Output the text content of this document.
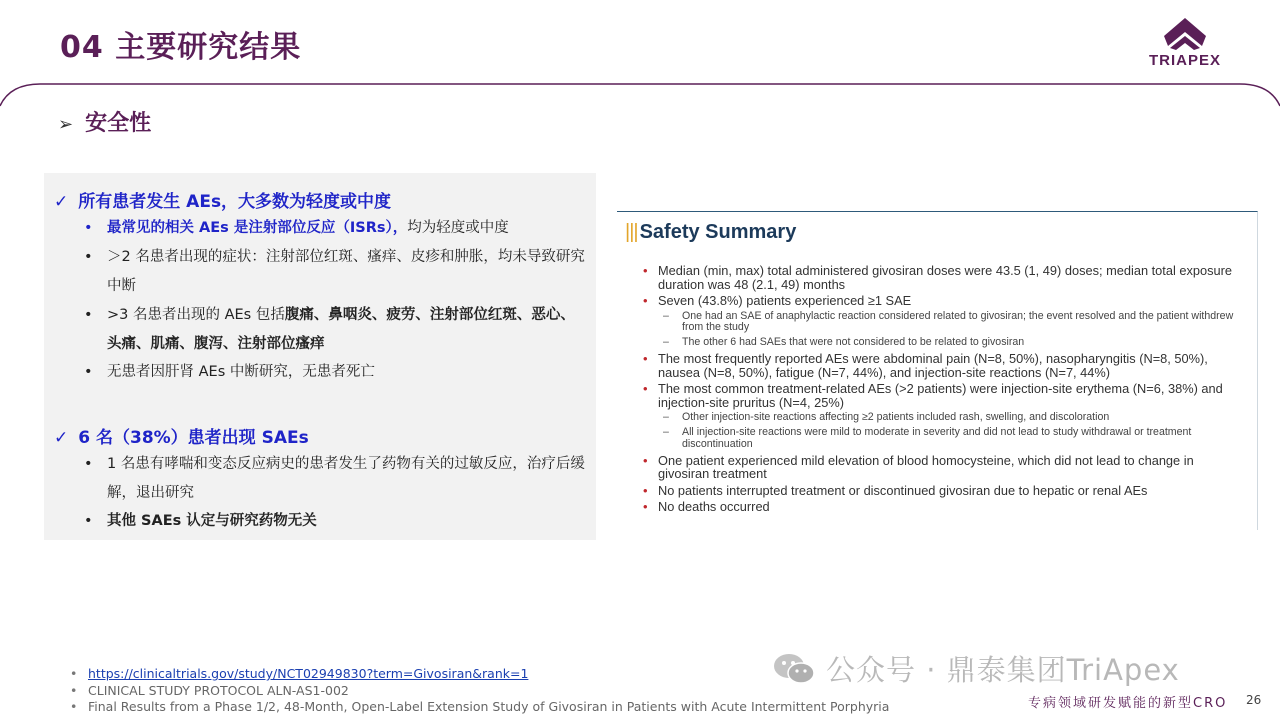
04 主要研究结果	TRIAPEX
➢ 安全性
✓ 所有患者发生 AEs，大多数为轻度或中度
• 最常见的相关 AEs 是注射部位反应（ISRs），均为轻度或中度
• ＞2 名患者出现的症状：注射部位红斑、瘙痒、皮疹和肿胀，均未导致研究中断
• >3 名患者出现的 AEs 包括腹痛、鼻咽炎、疲劳、注射部位红斑、恶心、头痛、肌痛、腹泻、注射部位瘙痒
• 无患者因肝肾 AEs 中断研究，无患者死亡
✓ 6 名（38%）患者出现 SAEs
• 1 名患有哮喘和变态反应病史的患者发生了药物有关的过敏反应，治疗后缓解，退出研究
• 其他 SAEs 认定与研究药物无关
||| Safety Summary
• Median (min, max) total administered givosiran doses were 43.5 (1, 49) doses; median total exposure duration was 48 (2.1, 49) months
• Seven (43.8%) patients experienced ≥1 SAE
– One had an SAE of anaphylactic reaction considered related to givosiran; the event resolved and the patient withdrew from the study
– The other 6 had SAEs that were not considered to be related to givosiran
• The most frequently reported AEs were abdominal pain (N=8, 50%), nasopharyngitis (N=8, 50%), nausea (N=8, 50%), fatigue (N=7, 44%), and injection-site reactions (N=7, 44%)
• The most common treatment-related AEs (>2 patients) were injection-site erythema (N=6, 38%) and injection-site pruritus (N=4, 25%)
– Other injection-site reactions affecting ≥2 patients included rash, swelling, and discoloration
– All injection-site reactions were mild to moderate in severity and did not lead to study withdrawal or treatment discontinuation
• One patient experienced mild elevation of blood homocysteine, which did not lead to change in givosiran treatment
• No patients interrupted treatment or discontinued givosiran due to hepatic or renal AEs
• No deaths occurred
• https://clinicaltrials.gov/study/NCT02949830?term=Givosiran&rank=1
• CLINICAL STUDY PROTOCOL ALN-AS1-002
• Final Results from a Phase 1/2, 48-Month, Open-Label Extension Study of Givosiran in Patients with Acute Intermittent Porphyria
公众号 · 鼎泰集团TriApex
专病领域研发赋能的新型CRO 26
